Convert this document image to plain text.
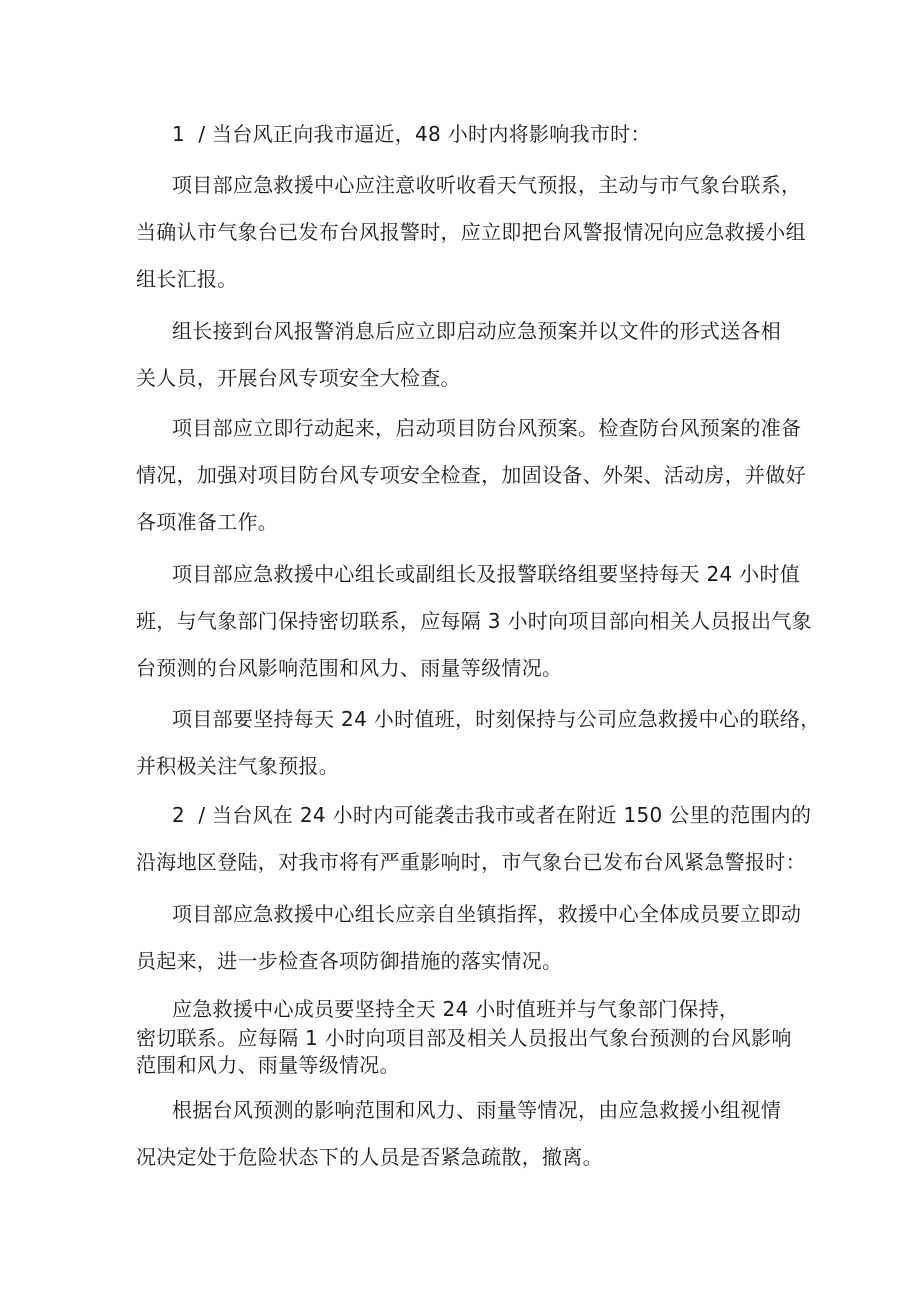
1  / 当台风正向我市逼近，48 小时内将影响我市时：
项目部应急救援中心应注意收听收看天气预报，主动与市气象台联系，
当确认市气象台已发布台风报警时，应立即把台风警报情况向应急救援小组
组长汇报。
组长接到台风报警消息后应立即启动应急预案并以文件的形式送各相
关人员，开展台风专项安全大检查。
项目部应立即行动起来，启动项目防台风预案。检查防台风预案的准备
情况，加强对项目防台风专项安全检查，加固设备、外架、活动房，并做好
各项准备工作。
项目部应急救援中心组长或副组长及报警联络组要坚持每天 24 小时值
班，与气象部门保持密切联系，应每隔 3 小时向项目部向相关人员报出气象
台预测的台风影响范围和风力、雨量等级情况。
项目部要坚持每天 24 小时值班，时刻保持与公司应急救援中心的联络，
并积极关注气象预报。
2  / 当台风在 24 小时内可能袭击我市或者在附近 150 公里的范围内的
沿海地区登陆，对我市将有严重影响时，市气象台已发布台风紧急警报时：
项目部应急救援中心组长应亲自坐镇指挥，救援中心全体成员要立即动
员起来，进一步检查各项防御措施的落实情况。
应急救援中心成员要坚持全天 24 小时值班并与气象部门保持，
密切联系。应每隔 1 小时向项目部及相关人员报出气象台预测的台风影响
范围和风力、雨量等级情况。
根据台风预测的影响范围和风力、雨量等情况，由应急救援小组视情
况决定处于危险状态下的人员是否紧急疏散，撤离。
